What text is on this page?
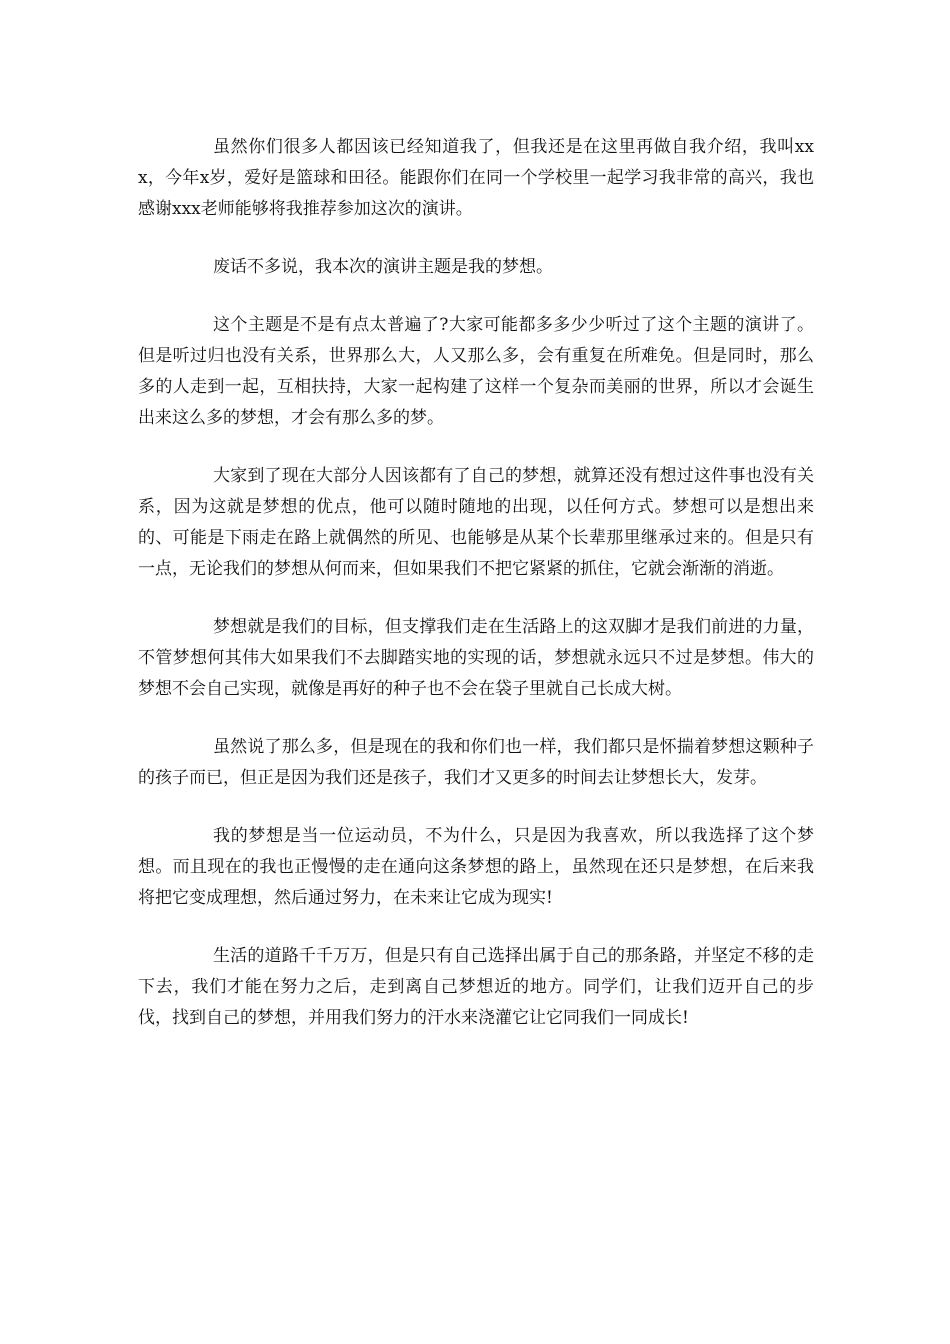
虽然你们很多人都因该已经知道我了，但我还是在这里再做自我介绍，我叫xxx，今年x岁，爱好是篮球和田径。能跟你们在同一个学校里一起学习我非常的高兴，我也感谢xxx老师能够将我推荐参加这次的演讲。

废话不多说，我本次的演讲主题是我的梦想。

这个主题是不是有点太普遍了?大家可能都多多少少听过了这个主题的演讲了。但是听过归也没有关系，世界那么大，人又那么多，会有重复在所难免。但是同时，那么多的人走到一起，互相扶持，大家一起构建了这样一个复杂而美丽的世界，所以才会诞生出来这么多的梦想，才会有那么多的梦。

大家到了现在大部分人因该都有了自己的梦想，就算还没有想过这件事也没有关系，因为这就是梦想的优点，他可以随时随地的出现，以任何方式。梦想可以是想出来的、可能是下雨走在路上就偶然的所见、也能够是从某个长辈那里继承过来的。但是只有一点，无论我们的梦想从何而来，但如果我们不把它紧紧的抓住，它就会渐渐的消逝。

梦想就是我们的目标，但支撑我们走在生活路上的这双脚才是我们前进的力量，不管梦想何其伟大如果我们不去脚踏实地的实现的话，梦想就永远只不过是梦想。伟大的梦想不会自己实现，就像是再好的种子也不会在袋子里就自己长成大树。

虽然说了那么多，但是现在的我和你们也一样，我们都只是怀揣着梦想这颗种子的孩子而已，但正是因为我们还是孩子，我们才又更多的时间去让梦想长大，发芽。

我的梦想是当一位运动员，不为什么，只是因为我喜欢，所以我选择了这个梦想。而且现在的我也正慢慢的走在通向这条梦想的路上，虽然现在还只是梦想，在后来我将把它变成理想，然后通过努力，在未来让它成为现实!

生活的道路千千万万，但是只有自己选择出属于自己的那条路，并坚定不移的走下去，我们才能在努力之后，走到离自己梦想近的地方。同学们，让我们迈开自己的步伐，找到自己的梦想，并用我们努力的汗水来浇灌它让它同我们一同成长!
